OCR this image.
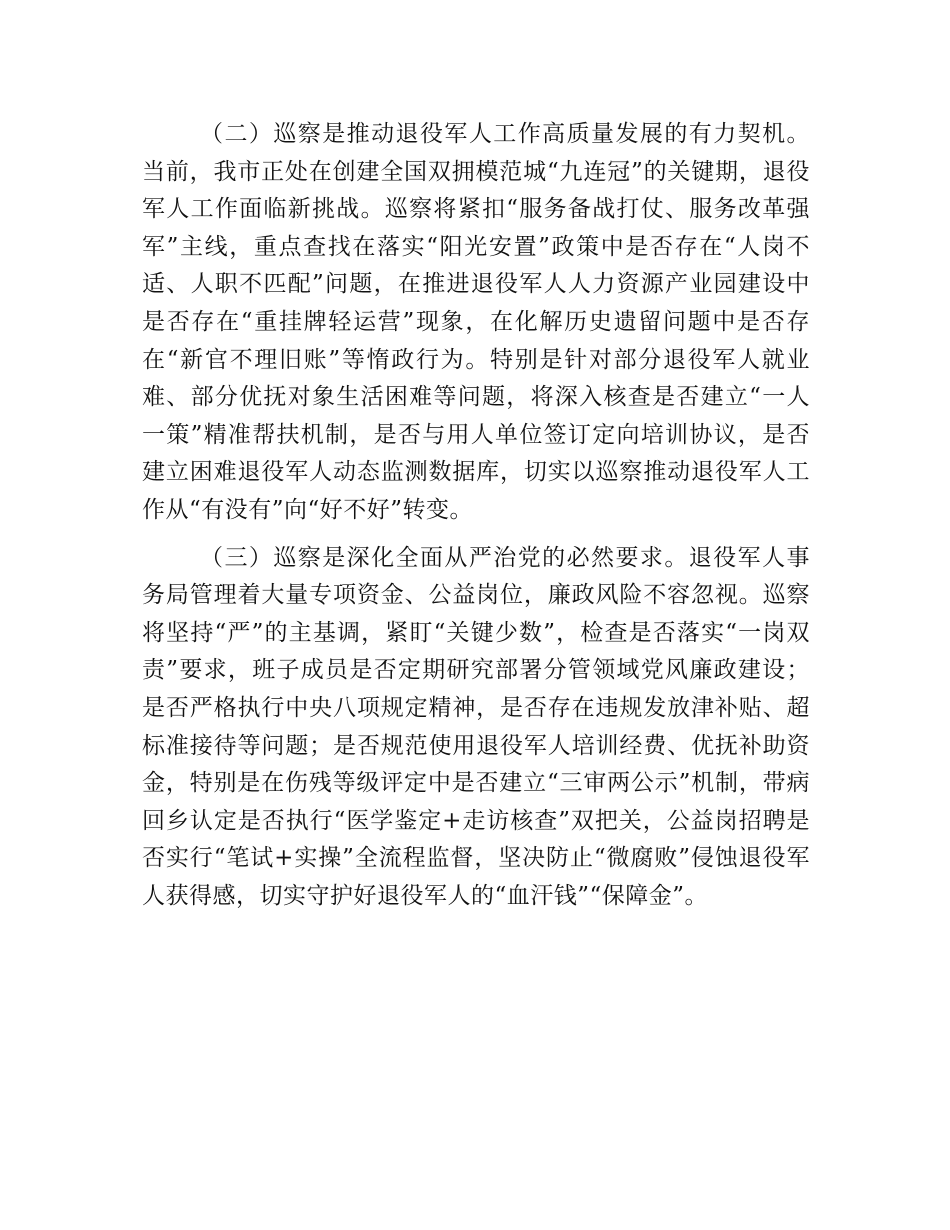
（二）巡察是推动退役军人工作高质量发展的有力契机。当前，我市正处在创建全国双拥模范城“九连冠”的关键期，退役军人工作面临新挑战。巡察将紧扣“服务备战打仗、服务改革强军”主线，重点查找在落实“阳光安置”政策中是否存在“人岗不适、人职不匹配”问题，在推进退役军人人力资源产业园建设中是否存在“重挂牌轻运营”现象，在化解历史遗留问题中是否存在“新官不理旧账”等惰政行为。特别是针对部分退役军人就业难、部分优抚对象生活困难等问题，将深入核查是否建立“一人一策”精准帮扶机制，是否与用人单位签订定向培训协议，是否建立困难退役军人动态监测数据库，切实以巡察推动退役军人工作从“有没有”向“好不好”转变。

（三）巡察是深化全面从严治党的必然要求。退役军人事务局管理着大量专项资金、公益岗位，廉政风险不容忽视。巡察将坚持“严”的主基调，紧盯“关键少数”，检查是否落实“一岗双责”要求，班子成员是否定期研究部署分管领域党风廉政建设；是否严格执行中央八项规定精神，是否存在违规发放津补贴、超标准接待等问题；是否规范使用退役军人培训经费、优抚补助资金，特别是在伤残等级评定中是否建立“三审两公示”机制，带病回乡认定是否执行“医学鉴定+走访核查”双把关，公益岗招聘是否实行“笔试+实操”全流程监督，坚决防止“微腐败”侵蚀退役军人获得感，切实守护好退役军人的“血汗钱”“保障金”。
